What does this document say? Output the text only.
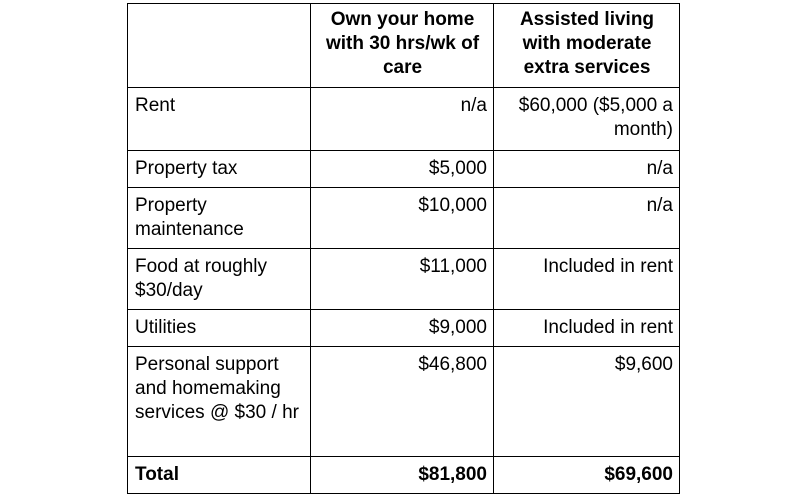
	Own your home with 30 hrs/wk of care	Assisted living with moderate extra services
Rent	n/a	$60,000 ($5,000 a month)
Property tax	$5,000	n/a
Property maintenance	$10,000	n/a
Food at roughly $30/day	$11,000	Included in rent
Utilities	$9,000	Included in rent
Personal support and homemaking services @ $30 / hr	$46,800	$9,600
Total	$81,800	$69,600
